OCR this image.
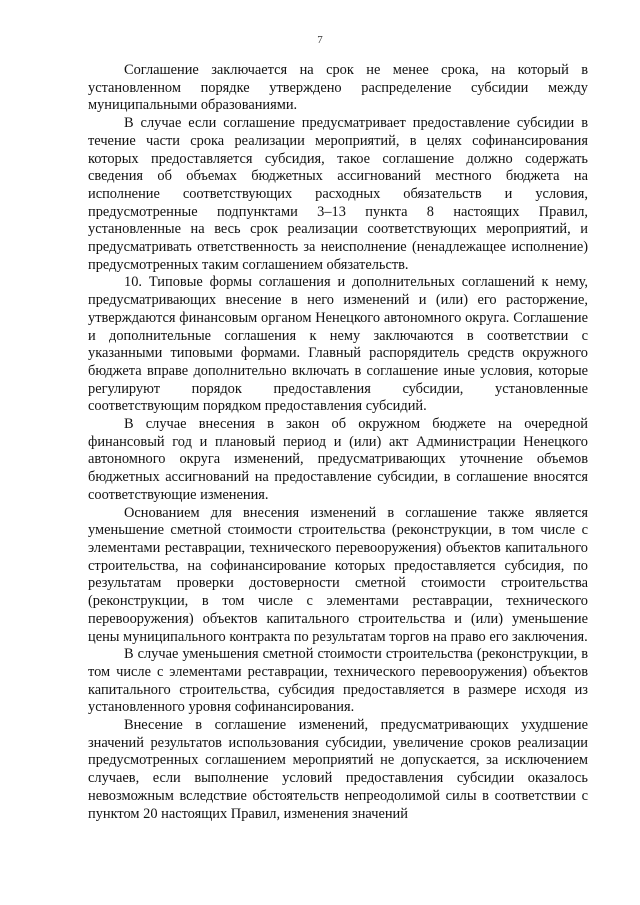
7

Соглашение заключается на срок не менее срока, на который в установленном порядке утверждено распределение субсидии между муниципальными образованиями.

В случае если соглашение предусматривает предоставление субсидии в течение части срока реализации мероприятий, в целях софинансирования которых предоставляется субсидия, такое соглашение должно содержать сведения об объемах бюджетных ассигнований местного бюджета на исполнение соответствующих расходных обязательств и условия, предусмотренные подпунктами 3–13 пункта 8 настоящих Правил, установленные на весь срок реализации соответствующих мероприятий, и предусматривать ответственность за неисполнение (ненадлежащее исполнение) предусмотренных таким соглашением обязательств.

10. Типовые формы соглашения и дополнительных соглашений к нему, предусматривающих внесение в него изменений и (или) его расторжение, утверждаются финансовым органом Ненецкого автономного округа. Соглашение и дополнительные соглашения к нему заключаются в соответствии с указанными типовыми формами. Главный распорядитель средств окружного бюджета вправе дополнительно включать в соглашение иные условия, которые регулируют порядок предоставления субсидии, установленные соответствующим порядком предоставления субсидий.

В случае внесения в закон об окружном бюджете на очередной финансовый год и плановый период и (или) акт Администрации Ненецкого автономного округа изменений, предусматривающих уточнение объемов бюджетных ассигнований на предоставление субсидии, в соглашение вносятся соответствующие изменения.

Основанием для внесения изменений в соглашение также является уменьшение сметной стоимости строительства (реконструкции, в том числе с элементами реставрации, технического перевооружения) объектов капитального строительства, на софинансирование которых предоставляется субсидия, по результатам проверки достоверности сметной стоимости строительства (реконструкции, в том числе с элементами реставрации, технического перевооружения) объектов капитального строительства и (или) уменьшение цены муниципального контракта по результатам торгов на право его заключения.

В случае уменьшения сметной стоимости строительства (реконструкции, в том числе с элементами реставрации, технического перевооружения) объектов капитального строительства, субсидия предоставляется в размере исходя из установленного уровня софинансирования.

Внесение в соглашение изменений, предусматривающих ухудшение значений результатов использования субсидии, увеличение сроков реализации предусмотренных соглашением мероприятий не допускается, за исключением случаев, если выполнение условий предоставления субсидии оказалось невозможным вследствие обстоятельств непреодолимой силы в соответствии с пунктом 20 настоящих Правил, изменения значений
